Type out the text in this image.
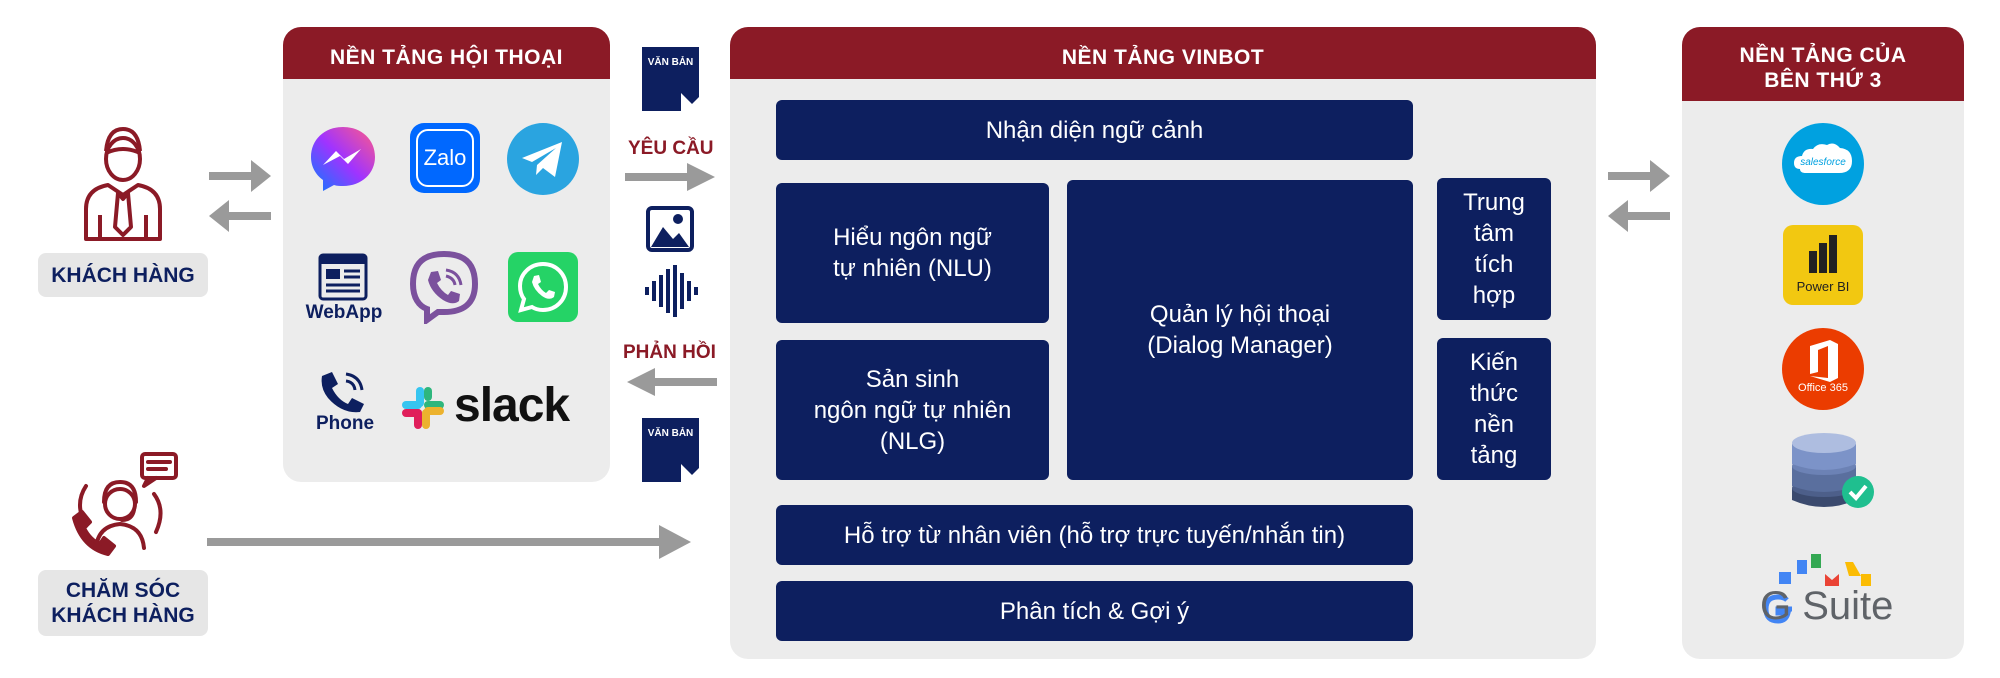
KHÁCH HÀNG
CHĂM SÓC
KHÁCH HÀNG
NỀN TẢNG HỘI THOẠI
Zalo
WebApp
Phone slack
VĂN BẢN
YÊU CẦU
PHẢN HỒI
VĂN BẢN
NỀN TẢNG VINBOT
Nhận diện ngữ cảnh
Hiểu ngôn ngữ
tự nhiên (NLU)
Sản sinh
ngôn ngữ tự nhiên
(NLG)
Quản lý hội thoại
(Dialog Manager)
Trung
tâm
tích
hợp
Kiến
thức
nền
tảng
Hỗ trợ từ nhân viên (hỗ trợ trực tuyến/nhắn tin)
Phân tích & Gợi ý
NỀN TẢNG CỦA
BÊN THỨ 3
salesforce
Power BI
Office 365
G Suite
